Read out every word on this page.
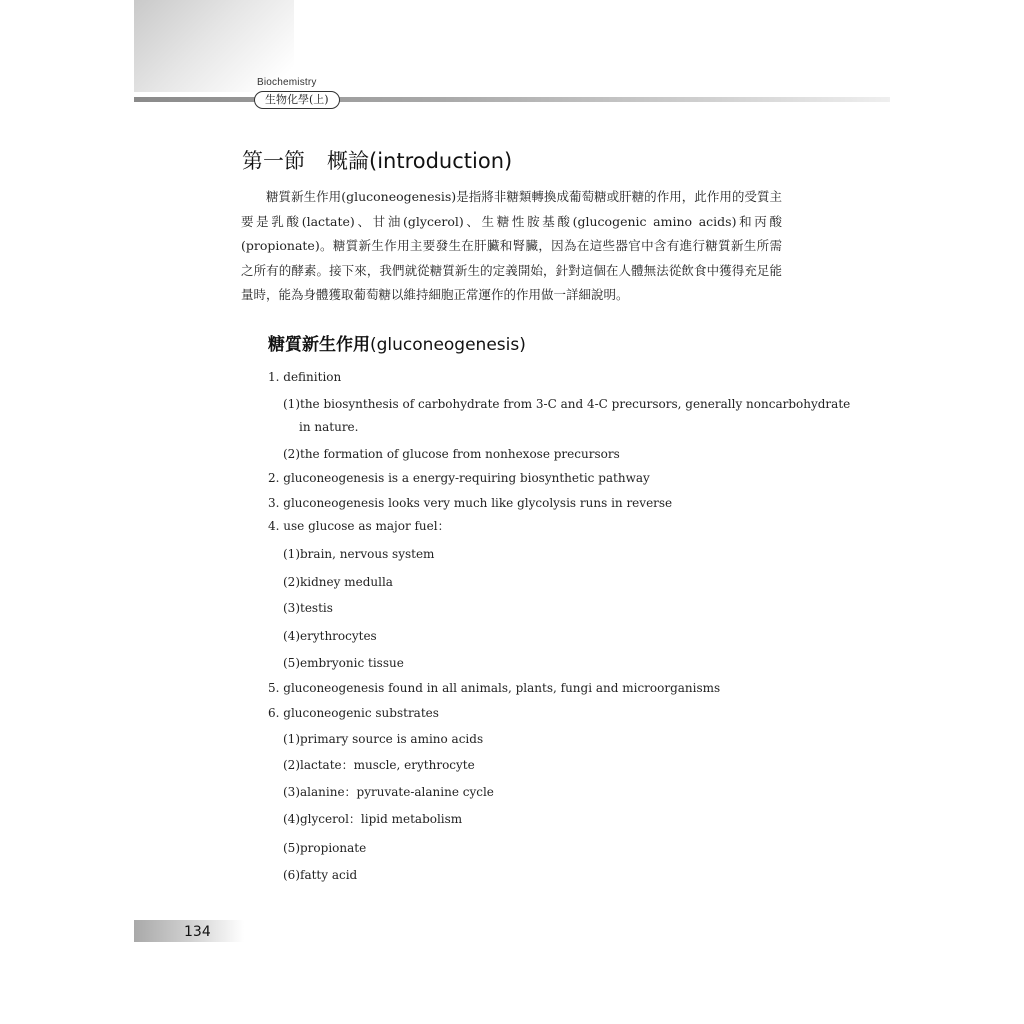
Biochemistry
生物化學(上)
第一節 概論(introduction)

糖質新生作用(gluconeogenesis)是指將非糖類轉換成葡萄糖或肝糖的作用，此作用的受質主要是乳酸(lactate)、甘油(glycerol)、生糖性胺基酸(glucogenic amino acids)和丙酸(propionate)。糖質新生作用主要發生在肝臟和腎臟，因為在這些器官中含有進行糖質新生所需之所有的酵素。接下來，我們就從糖質新生的定義開始，針對這個在人體無法從飲食中獲得充足能量時，能為身體獲取葡萄糖以維持細胞正常運作的作用做一詳細說明。

糖質新生作用(gluconeogenesis)
1. definition
(1)the biosynthesis of carbohydrate from 3-C and 4-C precursors, generally noncarbohydrate
in nature.
(2)the formation of glucose from nonhexose precursors
2. gluconeogenesis is a energy-requiring biosynthetic pathway
3. gluconeogenesis looks very much like glycolysis runs in reverse
4. use glucose as major fuel：
(1)brain, nervous system
(2)kidney medulla
(3)testis
(4)erythrocytes
(5)embryonic tissue
5. gluconeogenesis found in all animals, plants, fungi and microorganisms
6. gluconeogenic substrates
(1)primary source is amino acids
(2)lactate：muscle, erythrocyte
(3)alanine：pyruvate-alanine cycle
(4)glycerol：lipid metabolism
(5)propionate
(6)fatty acid
134
